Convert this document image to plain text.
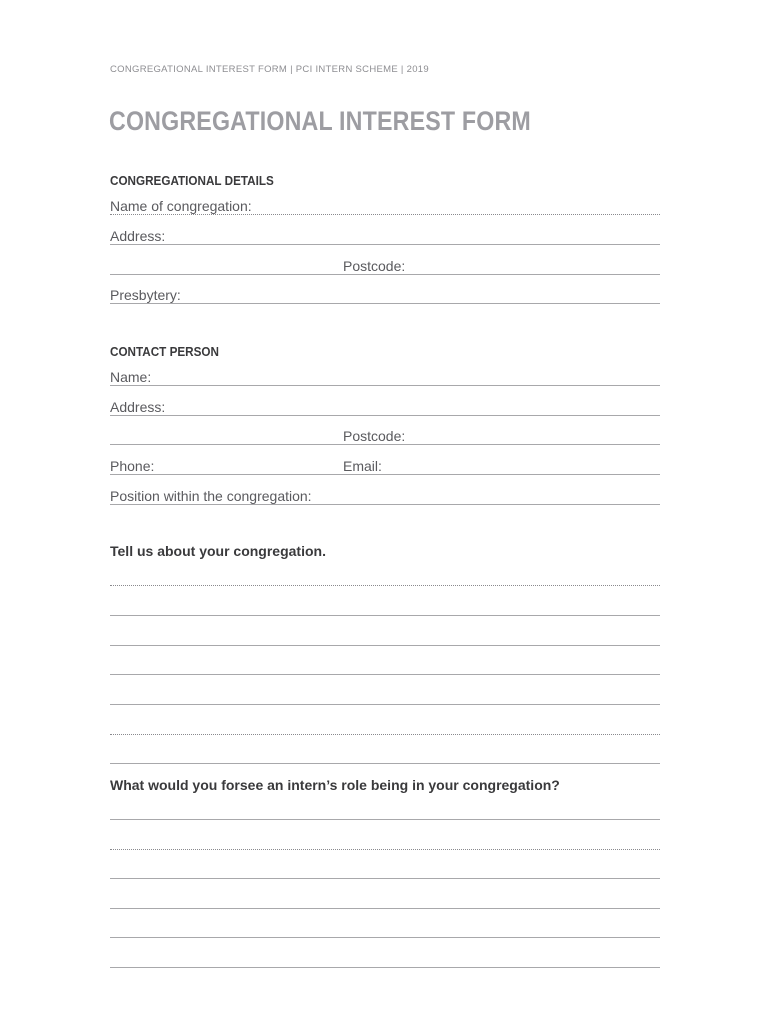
CONGREGATIONAL INTEREST FORM | PCI INTERN SCHEME | 2019
CONGREGATIONAL INTEREST FORM
CONGREGATIONAL DETAILS
Name of congregation:
Address:
Postcode:
Presbytery:
CONTACT PERSON
Name:
Address:
Postcode:
Phone:	Email:
Position within the congregation:
Tell us about your congregation.
What would you forsee an intern’s role being in your congregation?
